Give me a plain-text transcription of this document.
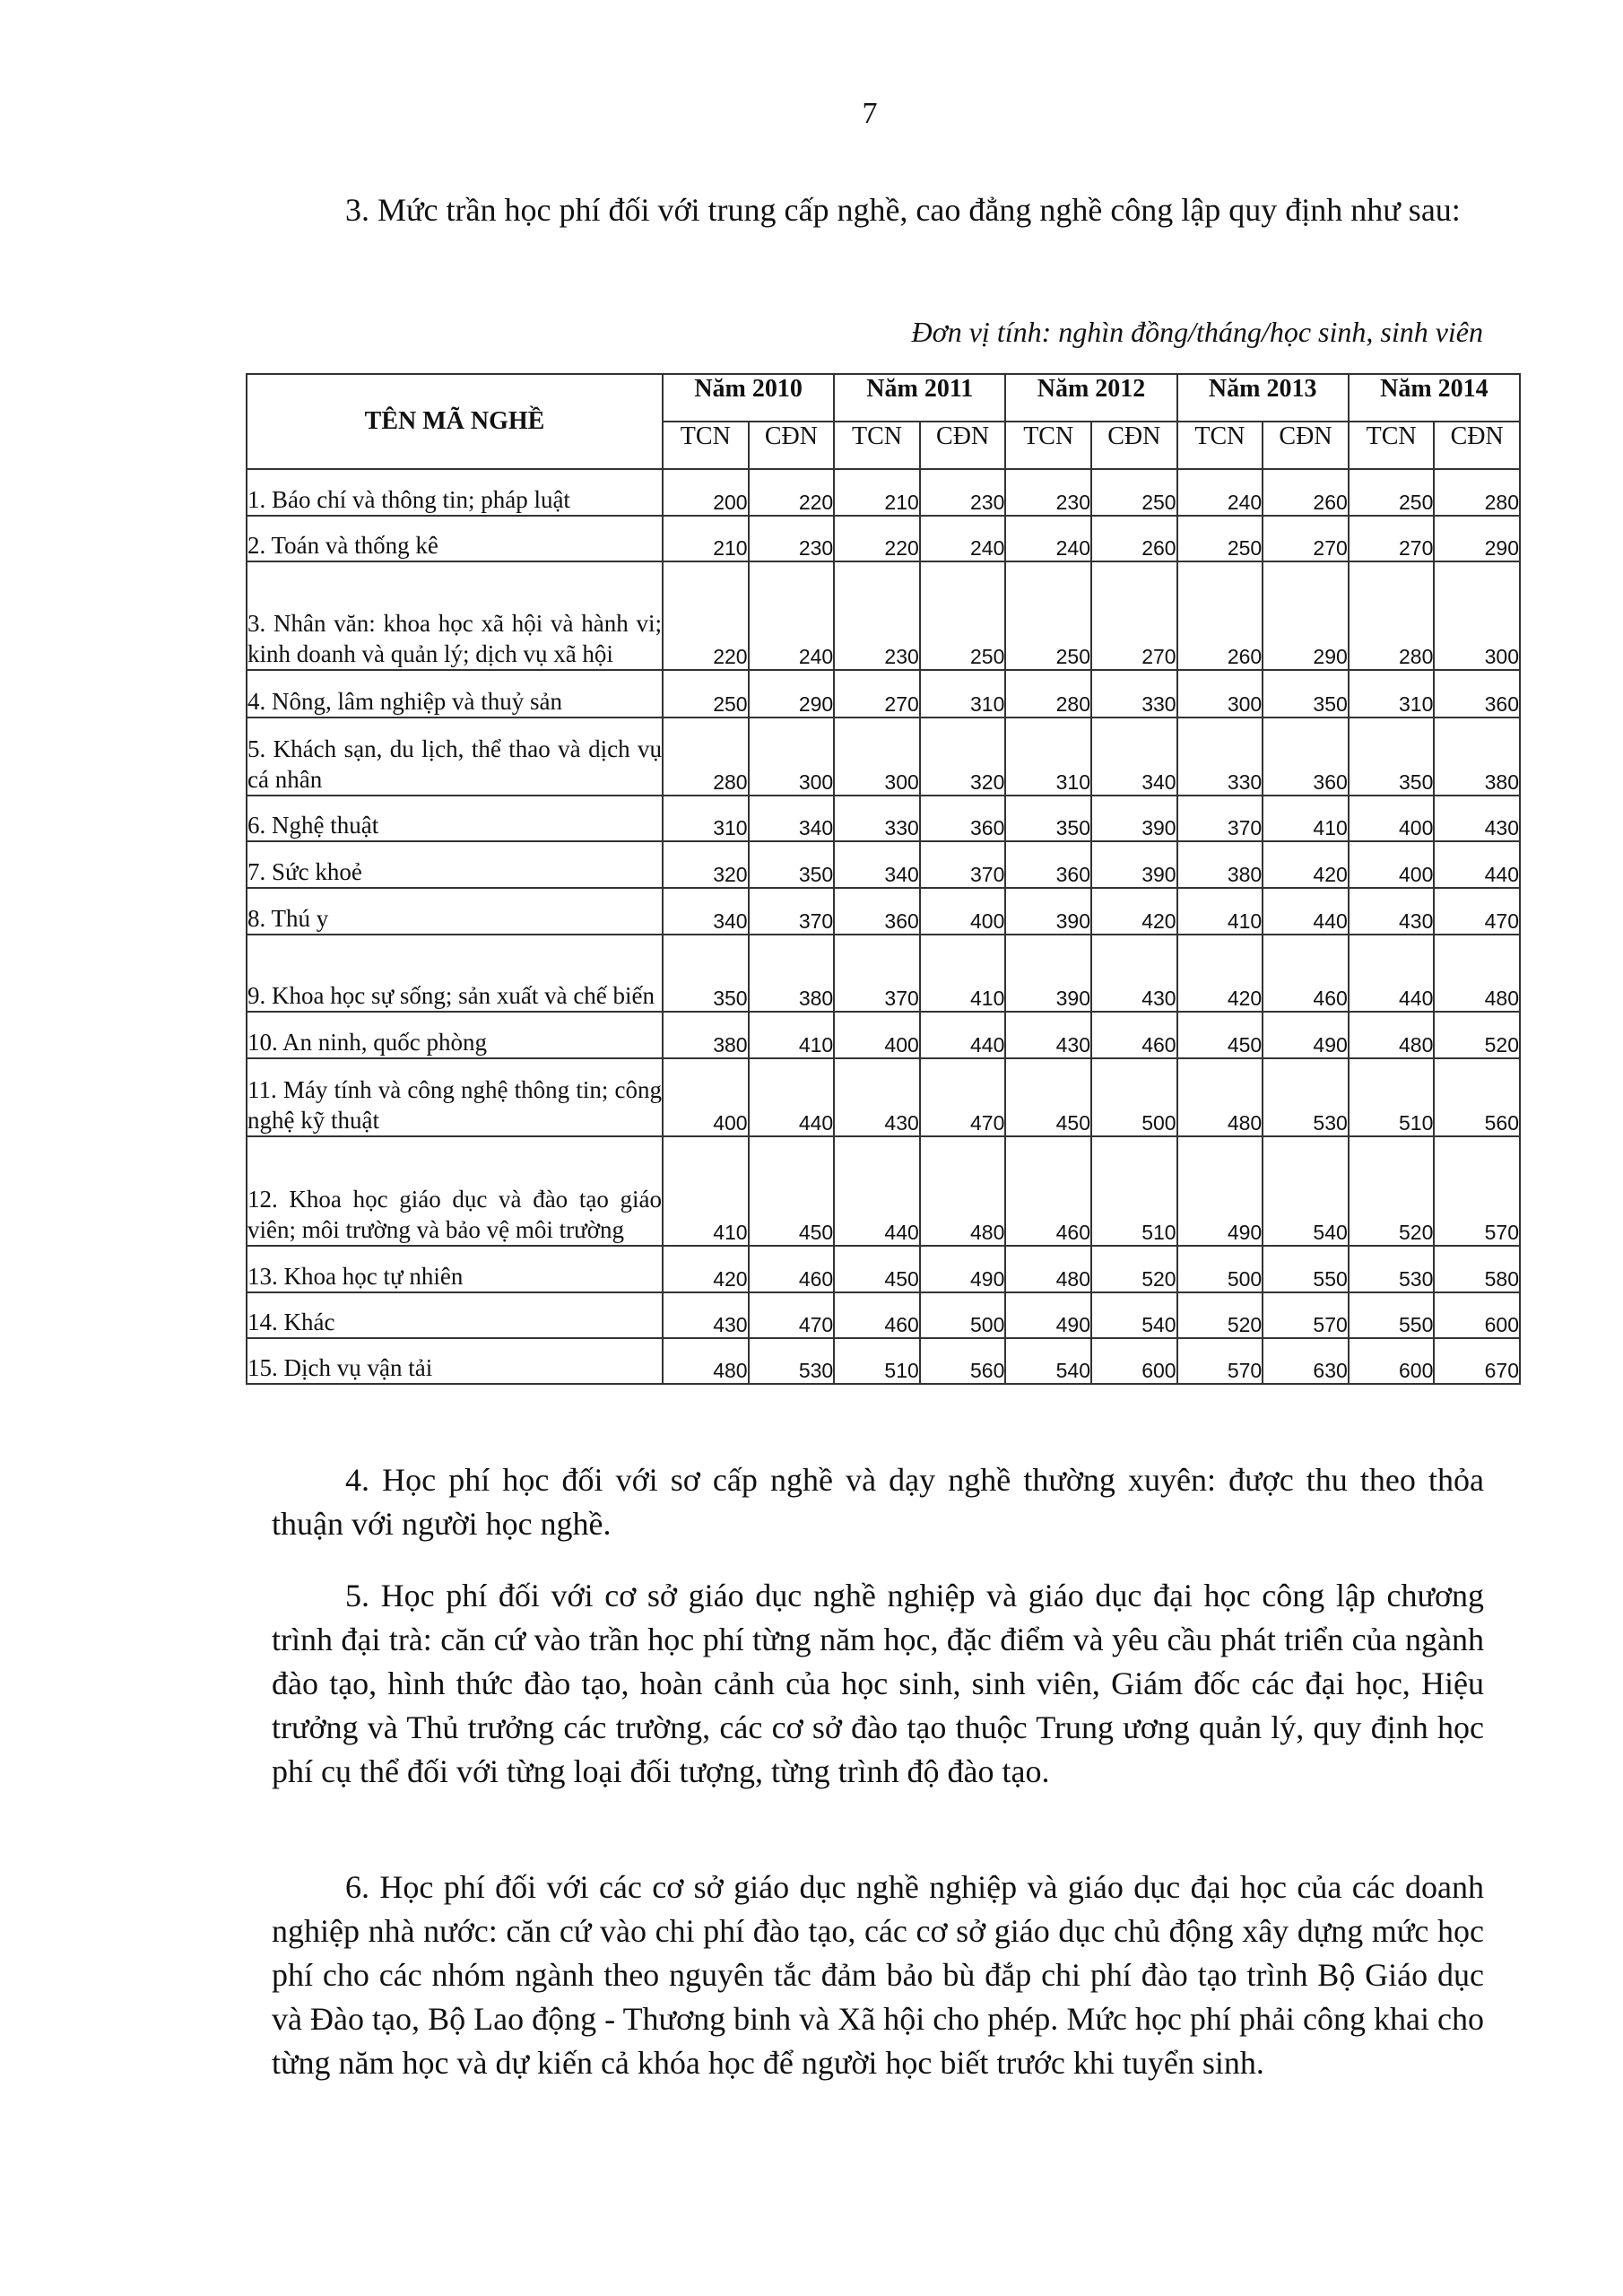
7

3. Mức trần học phí đối với trung cấp nghề, cao đẳng nghề công lập quy định như sau:

Đơn vị tính: nghìn đồng/tháng/học sinh, sinh viên
TÊN MÃ NGHỀ	Năm 2010		Năm 2011		Năm 2012		Năm 2013		Năm 2014	
	TCN	CĐN	TCN	CĐN	TCN	CĐN	TCN	CĐN	TCN	CĐN
1. Báo chí và thông tin; pháp luật	200	220	210	230	230	250	240	260	250	280
2. Toán và thống kê	210	230	220	240	240	260	250	270	270	290
3. Nhân văn: khoa học xã hội và hành vi; kinh doanh và quản lý; dịch vụ xã hội	220	240	230	250	250	270	260	290	280	300
4. Nông, lâm nghiệp và thuỷ sản	250	290	270	310	280	330	300	350	310	360
5. Khách sạn, du lịch, thể thao và dịch vụ cá nhân	280	300	300	320	310	340	330	360	350	380
6. Nghệ thuật	310	340	330	360	350	390	370	410	400	430
7. Sức khoẻ	320	350	340	370	360	390	380	420	400	440
8. Thú y	340	370	360	400	390	420	410	440	430	470
9. Khoa học sự sống; sản xuất và chế biến	350	380	370	410	390	430	420	460	440	480
10. An ninh, quốc phòng	380	410	400	440	430	460	450	490	480	520
11. Máy tính và công nghệ thông tin; công nghệ kỹ thuật	400	440	430	470	450	500	480	530	510	560
12. Khoa học giáo dục và đào tạo giáo viên; môi trường và bảo vệ môi trường	410	450	440	480	460	510	490	540	520	570
13. Khoa học tự nhiên	420	460	450	490	480	520	500	550	530	580
14. Khác	430	470	460	500	490	540	520	570	550	600
15. Dịch vụ vận tải	480	530	510	560	540	600	570	630	600	670

4. Học phí học đối với sơ cấp nghề và dạy nghề thường xuyên: được thu theo thỏa thuận với người học nghề.

5. Học phí đối với cơ sở giáo dục nghề nghiệp và giáo dục đại học công lập chương trình đại trà: căn cứ vào trần học phí từng năm học, đặc điểm và yêu cầu phát triển của ngành đào tạo, hình thức đào tạo, hoàn cảnh của học sinh, sinh viên, Giám đốc các đại học, Hiệu trưởng và Thủ trưởng các trường, các cơ sở đào tạo thuộc Trung ương quản lý, quy định học phí cụ thể đối với từng loại đối tượng, từng trình độ đào tạo.

6. Học phí đối với các cơ sở giáo dục nghề nghiệp và giáo dục đại học của các doanh nghiệp nhà nước: căn cứ vào chi phí đào tạo, các cơ sở giáo dục chủ động xây dựng mức học phí cho các nhóm ngành theo nguyên tắc đảm bảo bù đắp chi phí đào tạo trình Bộ Giáo dục và Đào tạo, Bộ Lao động - Thương binh và Xã hội cho phép. Mức học phí phải công khai cho từng năm học và dự kiến cả khóa học để người học biết trước khi tuyển sinh.
